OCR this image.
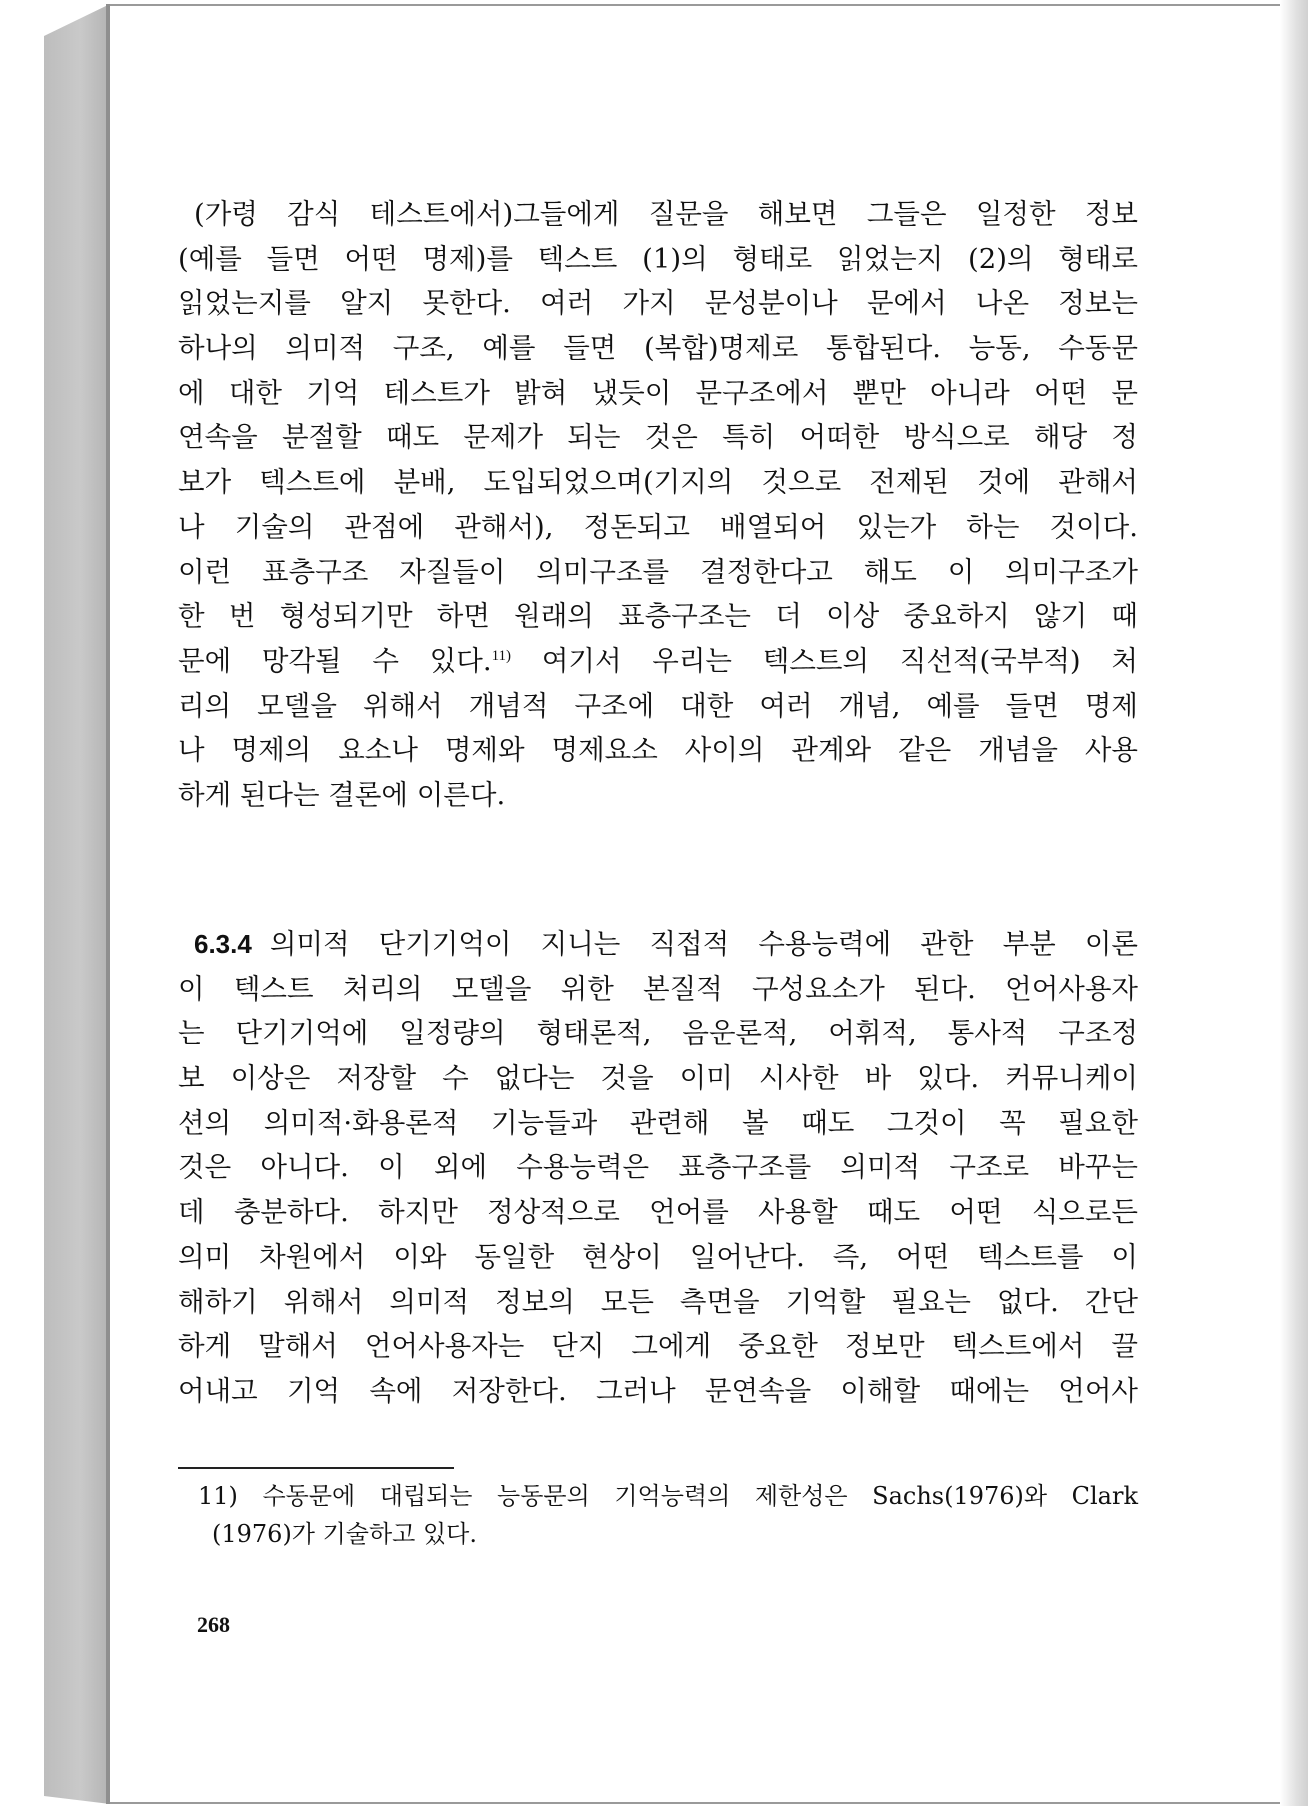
(가령 감식 테스트에서)그들에게 질문을 해보면 그들은 일정한 정보
(예를 들면 어떤 명제)를 텍스트 (1)의 형태로 읽었는지 (2)의 형태로
읽었는지를 알지 못한다. 여러 가지 문성분이나 문에서 나온 정보는
하나의 의미적 구조, 예를 들면 (복합)명제로 통합된다. 능동, 수동문
에 대한 기억 테스트가 밝혀 냈듯이 문구조에서 뿐만 아니라 어떤 문
연속을 분절할 때도 문제가 되는 것은 특히 어떠한 방식으로 해당 정
보가 텍스트에 분배, 도입되었으며(기지의 것으로 전제된 것에 관해서
나 기술의 관점에 관해서), 정돈되고 배열되어 있는가 하는 것이다.
이런 표층구조 자질들이 의미구조를 결정한다고 해도 이 의미구조가
한 번 형성되기만 하면 원래의 표층구조는 더 이상 중요하지 않기 때
문에 망각될 수 있다.$^{11)}$ 여기서 우리는 텍스트의 직선적(국부적) 처
리의 모델을 위해서 개념적 구조에 대한 여러 개념, 예를 들면 명제
나 명제의 요소나 명제와 명제요소 사이의 관계와 같은 개념을 사용
하게 된다는 결론에 이른다.
6.3.4 의미적 단기기억이 지니는 직접적 수용능력에 관한 부분 이론
이 텍스트 처리의 모델을 위한 본질적 구성요소가 된다. 언어사용자
는 단기기억에 일정량의 형태론적, 음운론적, 어휘적, 통사적 구조정
보 이상은 저장할 수 없다는 것을 이미 시사한 바 있다. 커뮤니케이
션의 의미적·화용론적 기능들과 관련해 볼 때도 그것이 꼭 필요한
것은 아니다. 이 외에 수용능력은 표층구조를 의미적 구조로 바꾸는
데 충분하다. 하지만 정상적으로 언어를 사용할 때도 어떤 식으로든
의미 차원에서 이와 동일한 현상이 일어난다. 즉, 어떤 텍스트를 이
해하기 위해서 의미적 정보의 모든 측면을 기억할 필요는 없다. 간단
하게 말해서 언어사용자는 단지 그에게 중요한 정보만 텍스트에서 끌
어내고 기억 속에 저장한다. 그러나 문연속을 이해할 때에는 언어사
11) 수동문에 대립되는 능동문의 기억능력의 제한성은 Sachs(1976)와 Clark
(1976)가 기술하고 있다.
268
